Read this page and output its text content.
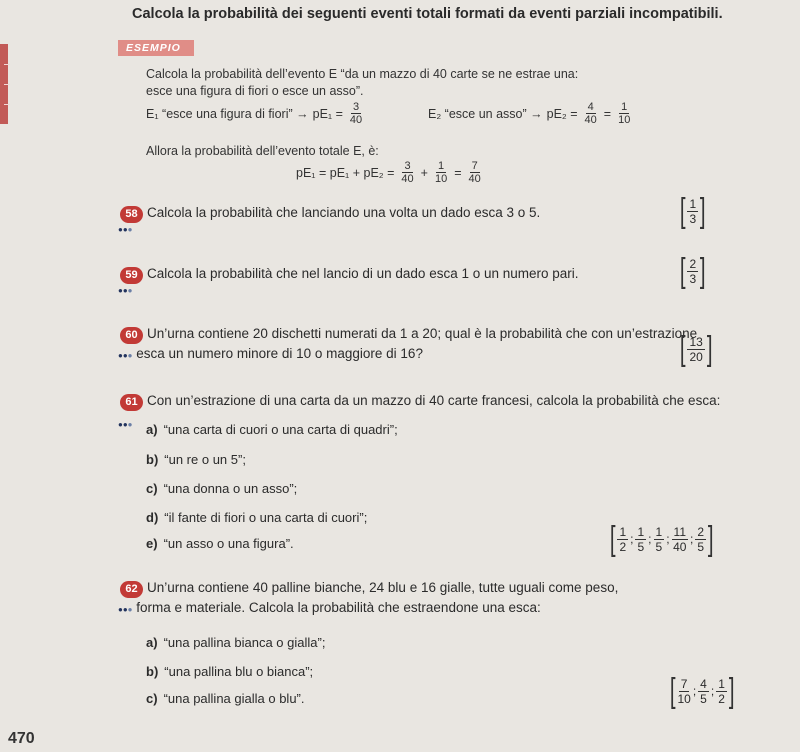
Calcola la probabilità dei seguenti eventi totali formati da eventi parziali incompatibili.
ESEMPIO
Calcola la probabilità dell’evento E “da un mazzo di 40 carte se ne estrae una:
esce una figura di fiori o esce un asso”.
E₁ “esce una figura di fiori” → $pE_1 = \frac{3}{40}$	E₂ “esce un asso” → $pE_2 = \frac{4}{40} = \frac{1}{10}$
Allora la probabilità dell’evento totale E, è:
$pE_1 = pE_1 + pE_2 = \frac{3}{40} + \frac{1}{10} = \frac{7}{40}$
58 Calcola la probabilità che lanciando una volta un dado esca 3 o 5.
●●●	[ $\frac{1}{3}$ ]
59 Calcola la probabilità che nel lancio di un dado esca 1 o un numero pari.
●●●
[ $\frac{2}{3}$ ]
60 Un’urna contiene 20 dischetti numerati da 1 a 20; qual è la probabilità che con un’estrazione
●●● esca un numero minore di 10 o maggiore di 16?	[ $\frac{13}{20}$ ]
61 Con un’estrazione di una carta da un mazzo di 40 carte francesi, calcola la probabilità che esca:
●●● a) “una carta di cuori o una carta di quadri”;
b) “un re o un 5”;
c) “una donna o un asso”;
d) “il fante di fiori o una carta di cuori”;
e) “un asso o una figura”.	[ $\frac{1}{2}$ ; $\frac{1}{5}$ ; $\frac{1}{5}$ ; $\frac{11}{40}$ ; $\frac{2}{5}$ ]
62 Un’urna contiene 40 palline bianche, 24 blu e 16 gialle, tutte uguali come peso,
●●● forma e materiale. Calcola la probabilità che estraendone una esca:
a) “una pallina bianca o gialla”;
b) “una pallina blu o bianca”;
c) “una pallina gialla o blu”.	[ $\frac{7}{10}$ ; $\frac{4}{5}$ ; $\frac{1}{2}$ ]
470
